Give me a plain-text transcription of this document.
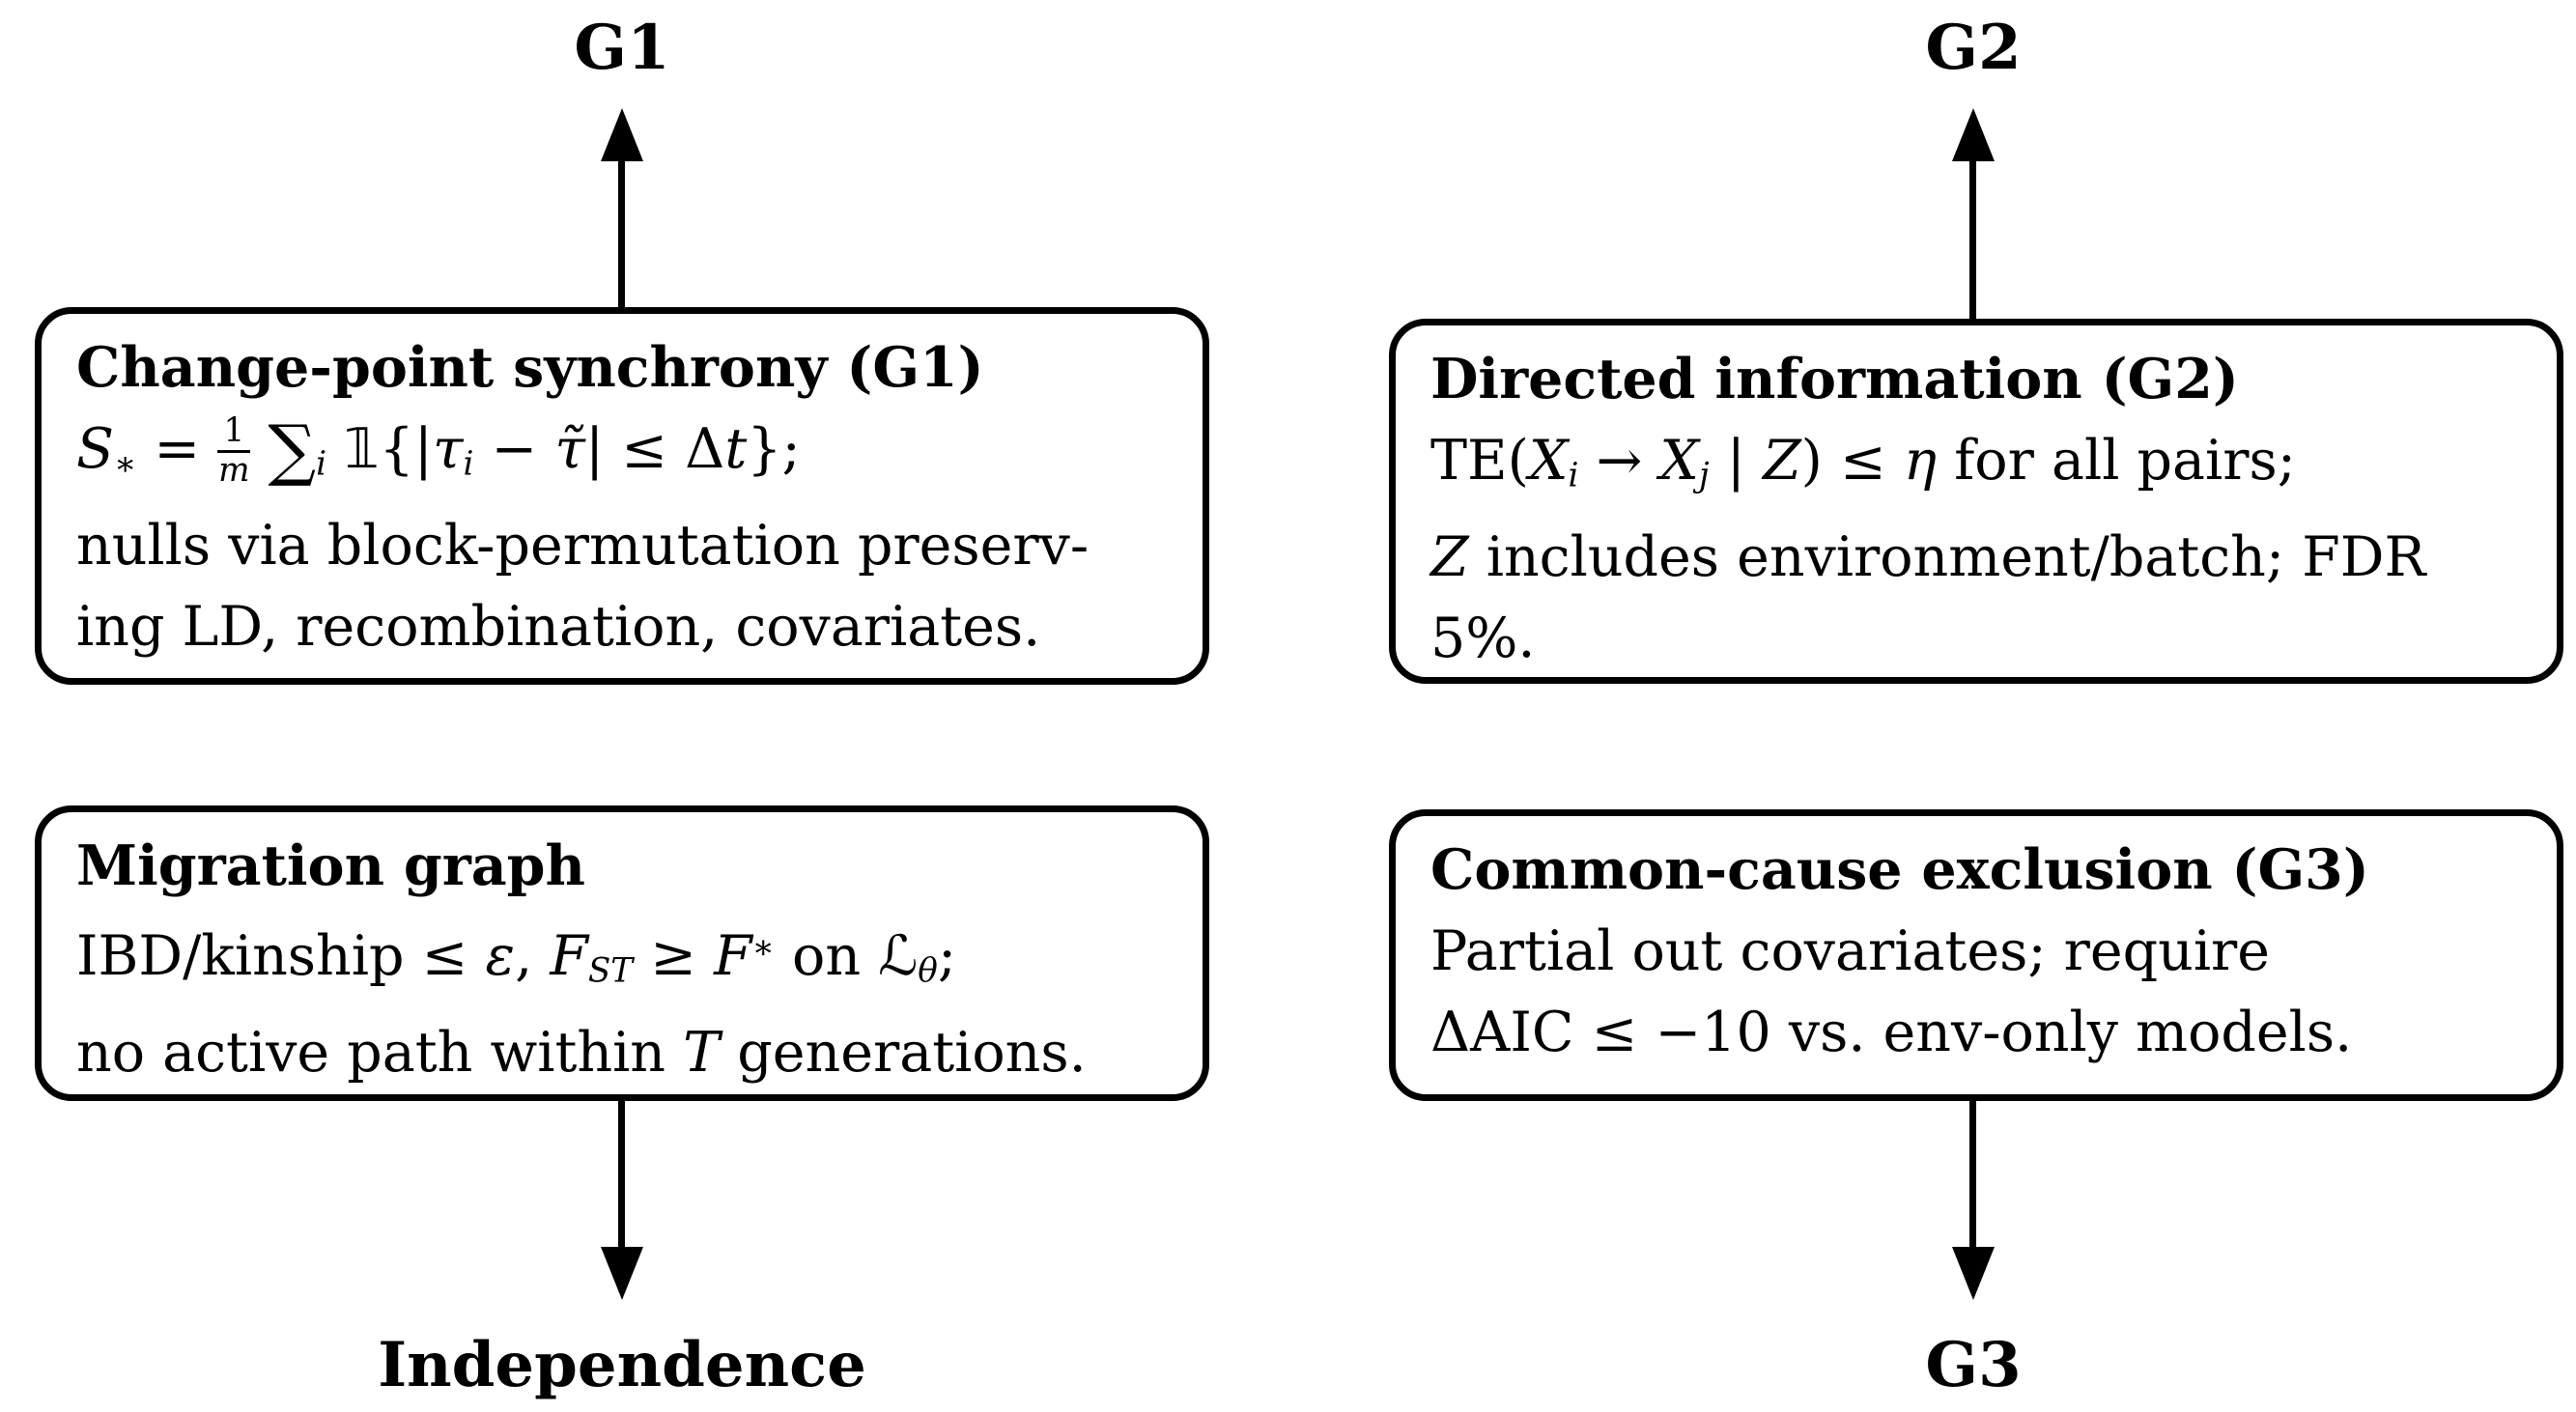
G1	G2
Change-point synchrony (G1)
S∗ = $\frac{1}{m} \sum i$ 𝟙{|τi − τ̃| ≤ Δt};
nulls via block-permutation preserv-
ing LD, recombination, covariates.
Directed information (G2)
TE(Xi → Xj | Z) ≤ η for all pairs;
Z includes environment/batch; FDR
5%.
Migration graph
IBD/kinship ≤ ε, FST ≥ F∗ on ℒθ;
no active path within T generations.
Common-cause exclusion (G3)
Partial out covariates; require
ΔAIC ≤ −10 vs. env-only models.
Independence	G3
